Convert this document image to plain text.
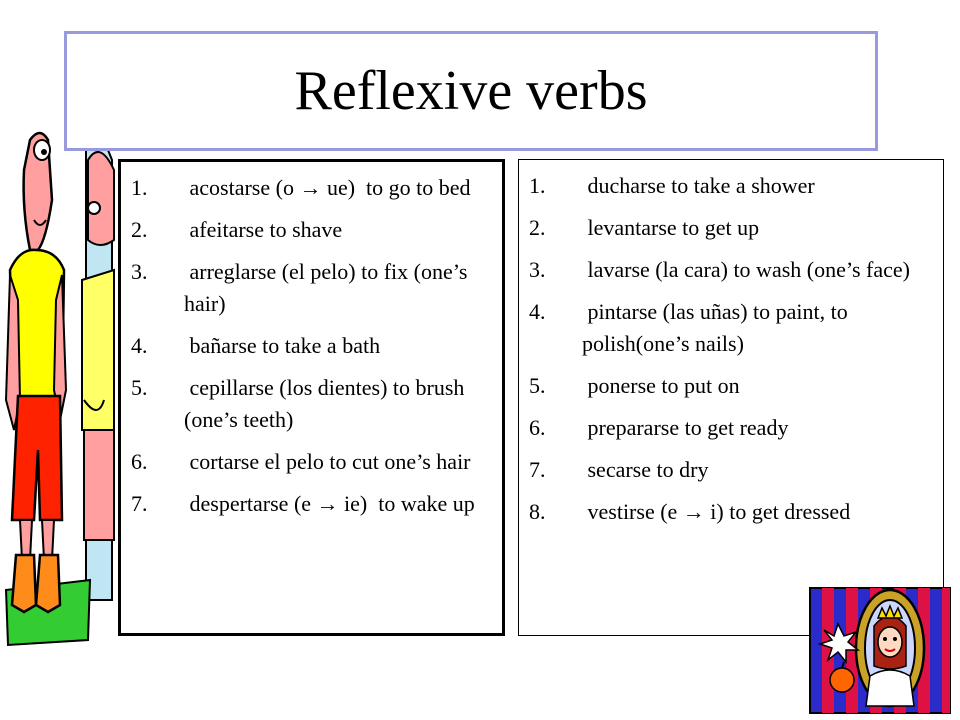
Reflexive verbs
1. acostarse (o → ue)  to go to bed
2. afeitarse to shave
3. arreglarse (el pelo) to fix (one’s hair)
4. bañarse to take a bath
5. cepillarse (los dientes) to brush (one’s teeth)
6. cortarse el pelo to cut one’s hair
7. despertarse (e → ie)  to wake up
1. ducharse to take a shower
2. levantarse to get up
3. lavarse (la cara) to wash (one’s face)
4. pintarse (las uñas) to paint, to polish(one’s nails)
5. ponerse to put on
6. prepararse to get ready
7. secarse to dry
8. vestirse (e → i) to get dressed
